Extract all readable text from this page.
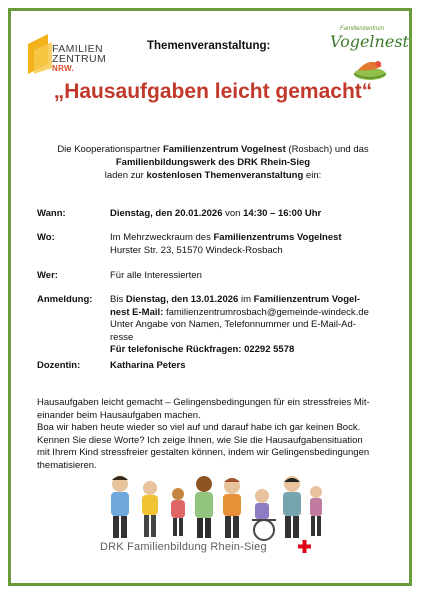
FAMILIEN
ZENTRUM
NRW.
Themenveranstaltung:
Familienzentrum
Vogelnest
„Hausaufgaben leicht gemacht“
Die Kooperationspartner Familienzentrum Vogelnest (Rosbach) und das
Familienbildungswerk des DRK Rhein-Sieg
laden zur kostenlosen Themenveranstaltung ein:
Wann:	Dienstag, den 20.01.2026 von 14:30 – 16:00 Uhr
Wo:	Im Mehrzweckraum des Familienzentrums Vogelnest
Hurster Str. 23, 51570 Windeck-Rosbach
Wer:	Für alle Interessierten
Anmeldung: Bis Dienstag, den 13.01.2026 im Familienzentrum Vogel-
nest E-Mail: familienzentrumrosbach@gemeinde-windeck.de
Unter Angabe von Namen, Telefonnummer und E-Mail-Ad-
resse
Für telefonische Rückfragen: 02292 5578
Dozentin:	Katharina Peters
Hausaufgaben leicht gemacht – Gelingensbedingungen für ein stressfreies Mit-
einander beim Hausaufgaben machen.
Boa wir haben heute wieder so viel auf und darauf habe ich gar keinen Bock.
Kennen Sie diese Worte? Ich zeige Ihnen, wie Sie die Hausaufgabensituation
mit Ihrem Kind stressfreier gestalten können, indem wir Gelingensbedingungen
thematisieren.
DRK Familienbildung Rhein-Sieg
